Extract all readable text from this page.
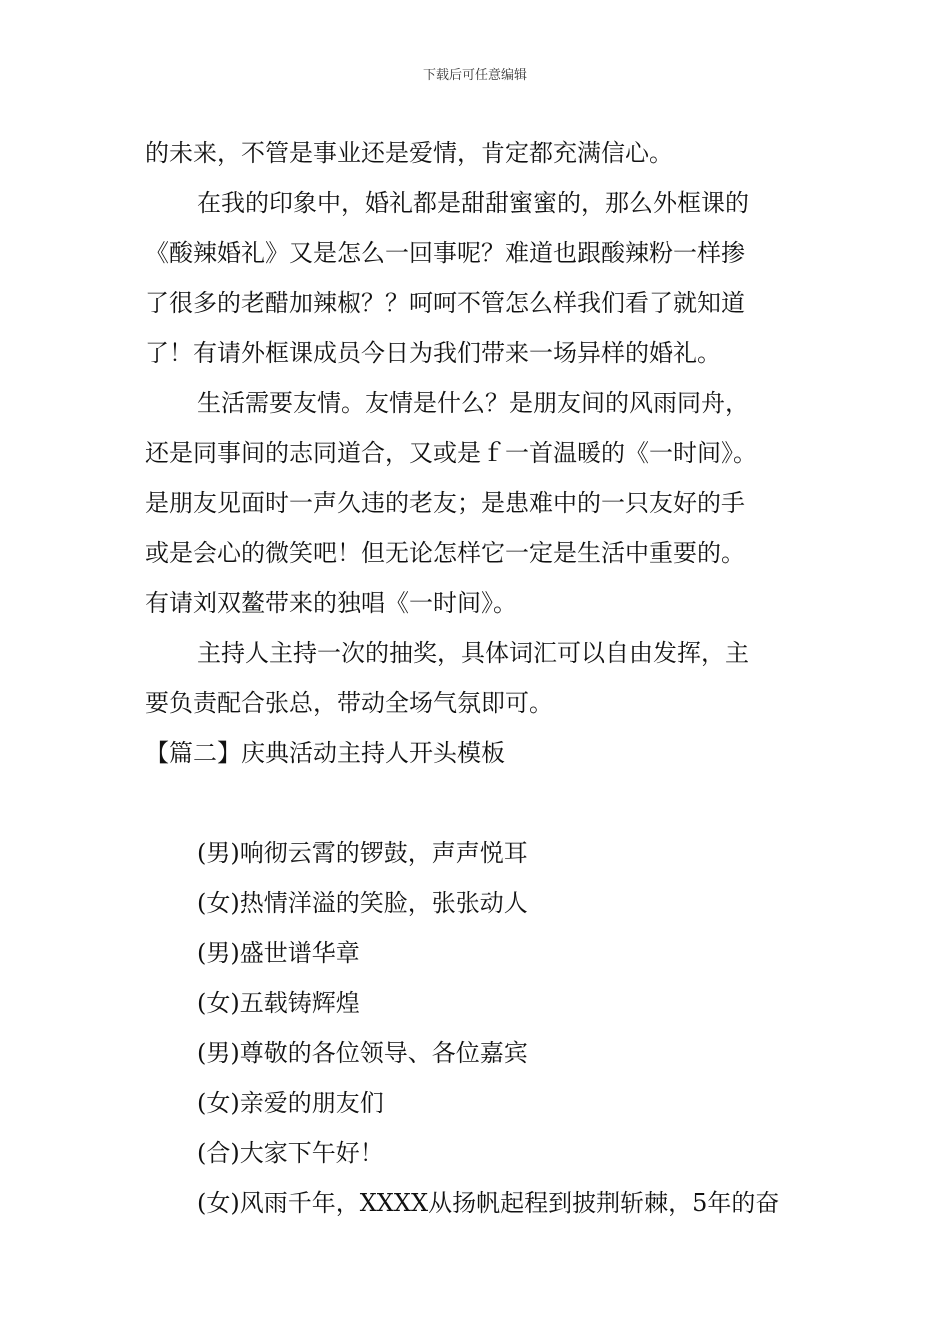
下载后可任意编辑
的未来，不管是事业还是爱情，肯定都充满信心。
在我的印象中，婚礼都是甜甜蜜蜜的，那么外框课的
《酸辣婚礼》又是怎么一回事呢？难道也跟酸辣粉一样掺
了很多的老醋加辣椒？？呵呵不管怎么样我们看了就知道
了！有请外框课成员今日为我们带来一场异样的婚礼。
生活需要友情。友情是什么？是朋友间的风雨同舟，
还是同事间的志同道合，又或是ｆ一首温暖的《一时间》。
是朋友见面时一声久违的老友；是患难中的一只友好的手
或是会心的微笑吧！但无论怎样它一定是生活中重要的。
有请刘双鳌带来的独唱《一时间》。
主持人主持一次的抽奖，具体词汇可以自由发挥，主
要负责配合张总，带动全场气氛即可。
【篇二】庆典活动主持人开头模板
(男)响彻云霄的锣鼓，声声悦耳
(女)热情洋溢的笑脸，张张动人
(男)盛世谱华章
(女)五载铸辉煌
(男)尊敬的各位领导、各位嘉宾
(女)亲爱的朋友们
(合)大家下午好！
(女)风雨千年，XXXX从扬帆起程到披荆斩棘，5年的奋
